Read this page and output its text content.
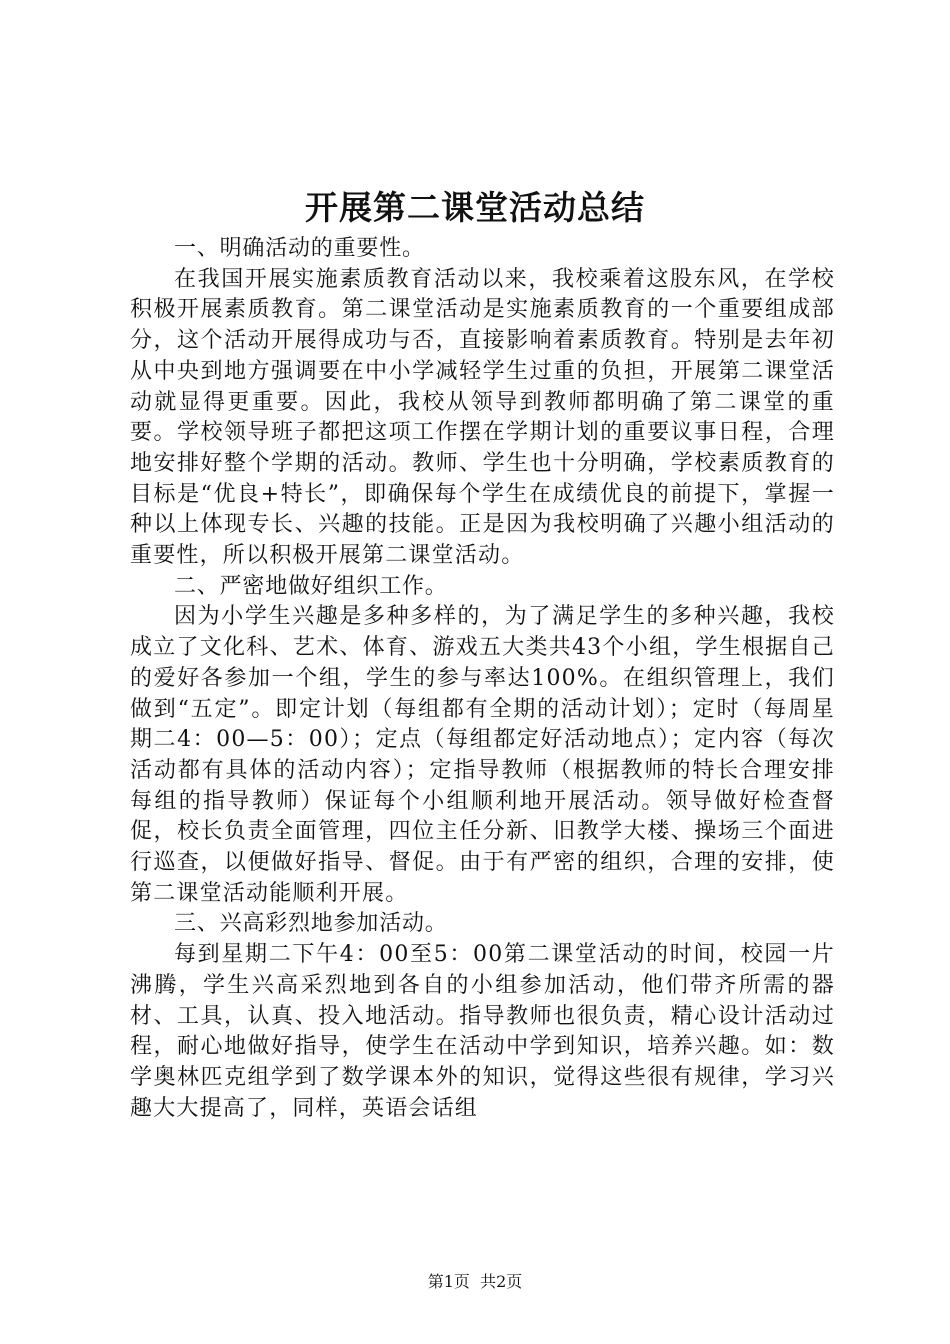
开展第二课堂活动总结

一、明确活动的重要性。

在我国开展实施素质教育活动以来，我校乘着这股东风，在学校积极开展素质教育。第二课堂活动是实施素质教育的一个重要组成部分，这个活动开展得成功与否，直接影响着素质教育。特别是去年初从中央到地方强调要在中小学减轻学生过重的负担，开展第二课堂活动就显得更重要。因此，我校从领导到教师都明确了第二课堂的重要。学校领导班子都把这项工作摆在学期计划的重要议事日程，合理地安排好整个学期的活动。教师、学生也十分明确，学校素质教育的目标是“优良+特长”，即确保每个学生在成绩优良的前提下，掌握一种以上体现专长、兴趣的技能。正是因为我校明确了兴趣小组活动的重要性，所以积极开展第二课堂活动。

二、严密地做好组织工作。

因为小学生兴趣是多种多样的，为了满足学生的多种兴趣，我校成立了文化科、艺术、体育、游戏五大类共43个小组，学生根据自己的爱好各参加一个组，学生的参与率达100%。在组织管理上，我们做到“五定”。即定计划（每组都有全期的活动计划）；定时（每周星期二4：00—5：00）；定点（每组都定好活动地点）；定内容（每次活动都有具体的活动内容）；定指导教师（根据教师的特长合理安排每组的指导教师）保证每个小组顺利地开展活动。领导做好检查督促，校长负责全面管理，四位主任分新、旧教学大楼、操场三个面进行巡查，以便做好指导、督促。由于有严密的组织，合理的安排，使第二课堂活动能顺利开展。

三、兴高彩烈地参加活动。

每到星期二下午4：00至5：00第二课堂活动的时间，校园一片沸腾，学生兴高采烈地到各自的小组参加活动，他们带齐所需的器材、工具，认真、投入地活动。指导教师也很负责，精心设计活动过程，耐心地做好指导，使学生在活动中学到知识，培养兴趣。如：数学奥林匹克组学到了数学课本外的知识，觉得这些很有规律，学习兴趣大大提高了，同样，英语会话组

第1页 共2页
